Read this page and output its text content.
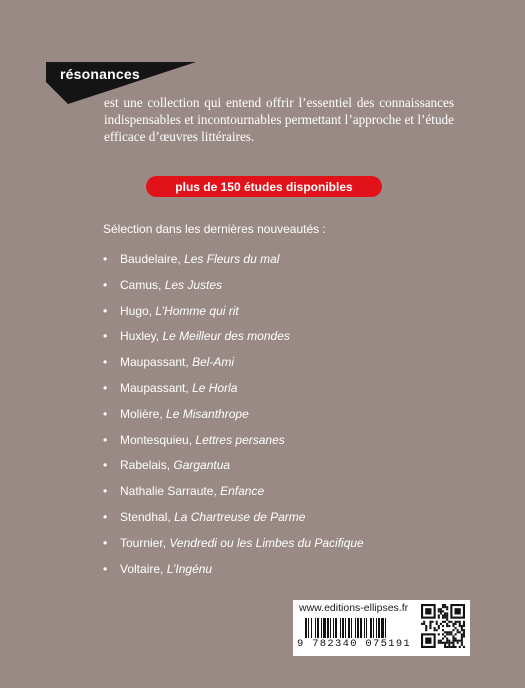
résonances
est une collection qui entend offrir l’essentiel des connaissances indispensables et incontournables permettant l’approche et l’étude efficace d’œuvres littéraires.
plus de 150 études disponibles
Sélection dans les dernières nouveautés :
• Baudelaire, Les Fleurs du mal
• Camus, Les Justes
• Hugo, L’Homme qui rit
• Huxley, Le Meilleur des mondes
• Maupassant, Bel-Ami
• Maupassant, Le Horla
• Molière, Le Misanthrope
• Montesquieu, Lettres persanes
• Rabelais, Gargantua
• Nathalie Sarraute, Enfance
• Stendhal, La Chartreuse de Parme
• Tournier, Vendredi ou les Limbes du Pacifique
• Voltaire, L’Ingénu
www.editions-ellipses.fr
9 782340 075191
